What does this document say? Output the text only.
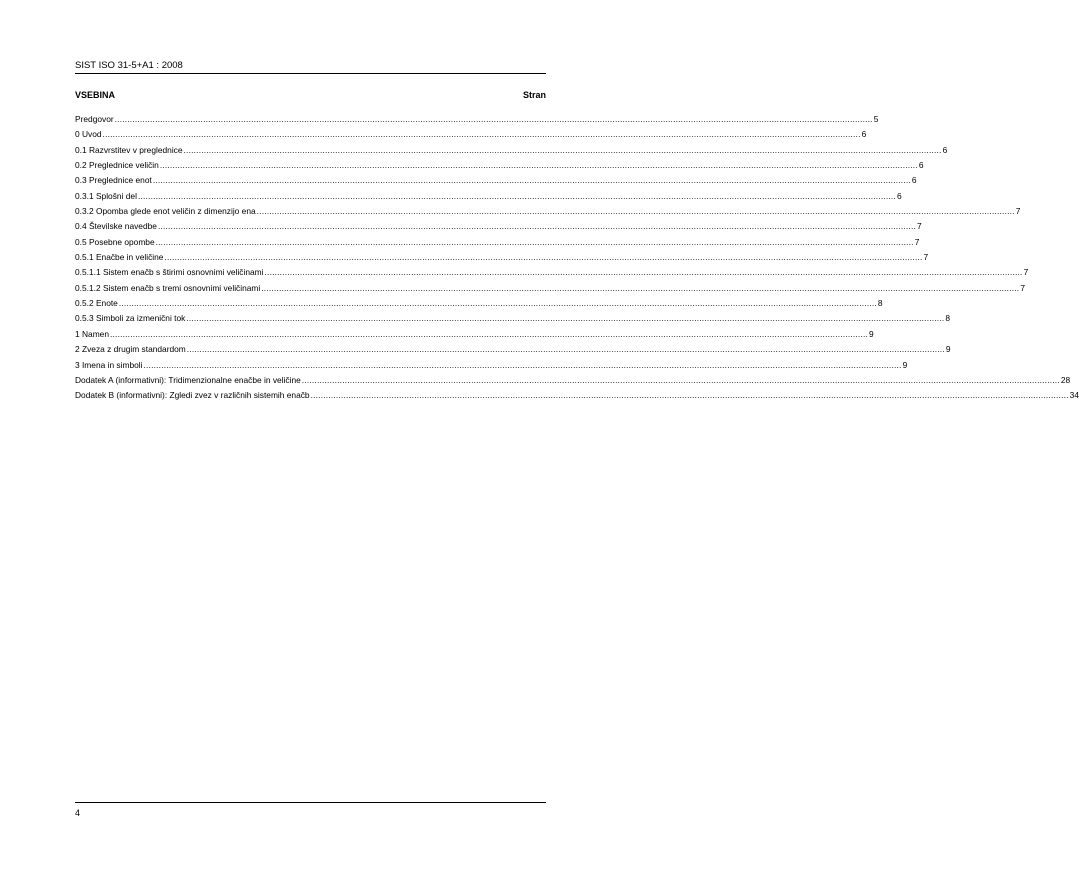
SIST ISO 31-5+A1 : 2008
VSEBINA	Stran
Predgovor ............................................................................................................................................................................................................................................................................................................ 5
0 Uvod ............................................................................................................................................................................................................................................................................................................ 6
0.1 Razvrstitev v preglednice ............................................................................................................................................................................................................................................................................................................ 6
0.2 Preglednice veličin ............................................................................................................................................................................................................................................................................................................ 6
0.3 Preglednice enot ............................................................................................................................................................................................................................................................................................................ 6
0.3.1 Splošni del ............................................................................................................................................................................................................................................................................................................ 6
0.3.2 Opomba glede enot veličin z dimenzijo ena ............................................................................................................................................................................................................................................................................................................ 7
0.4 Številske navedbe ............................................................................................................................................................................................................................................................................................................ 7
0.5 Posebne opombe ............................................................................................................................................................................................................................................................................................................ 7
0.5.1 Enačbe in veličine ............................................................................................................................................................................................................................................................................................................ 7
0.5.1.1 Sistem enačb s štirimi osnovnimi veličinami ............................................................................................................................................................................................................................................................................................................ 7
0.5.1.2 Sistem enačb s tremi osnovnimi veličinami ............................................................................................................................................................................................................................................................................................................ 7
0.5.2 Enote ............................................................................................................................................................................................................................................................................................................ 8
0.5.3 Simboli za izmenični tok ............................................................................................................................................................................................................................................................................................................ 8
1 Namen ............................................................................................................................................................................................................................................................................................................ 9
2 Zveza z drugim standardom ............................................................................................................................................................................................................................................................................................................ 9
3 Imena in simboli ............................................................................................................................................................................................................................................................................................................ 9
Dodatek A (informativni): Tridimenzionalne enačbe in veličine ............................................................................................................................................................................................................................................................................................................ 28
Dodatek B (informativni): Zgledi zvez v različnih sistemih enačb ............................................................................................................................................................................................................................................................................................................ 34
4
